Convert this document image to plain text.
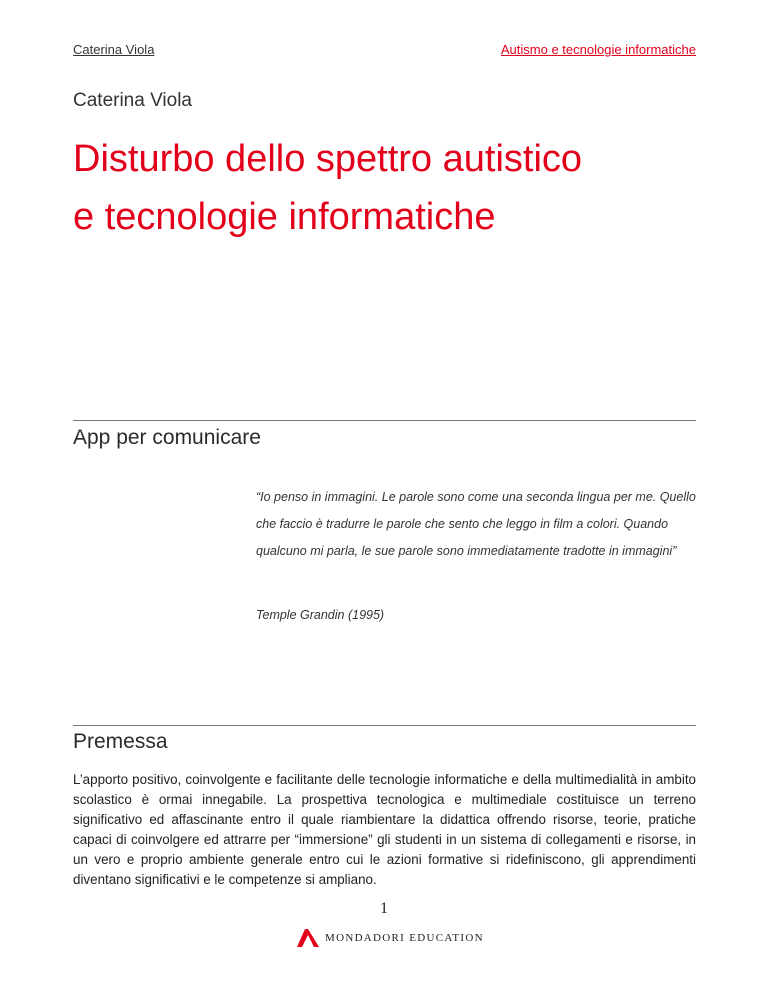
Caterina Viola	Autismo e tecnologie informatiche
Caterina Viola
Disturbo dello spettro autistico
e tecnologie informatiche
App per comunicare

“Io penso in immagini. Le parole sono come una seconda lingua per me. Quello che faccio è tradurre le parole che sento che leggo in film a colori. Quando qualcuno mi parla, le sue parole sono immediatamente tradotte in immagini”

Temple Grandin (1995)
Premessa

L’apporto positivo, coinvolgente e facilitante delle tecnologie informatiche e della multimedialità in ambito scolastico è ormai innegabile. La prospettiva tecnologica e multimediale costituisce un terreno significativo ed affascinante entro il quale riambientare la didattica offrendo risorse, teorie, pratiche capaci di coinvolgere ed attrarre per “immersione” gli studenti in un sistema di collegamenti e risorse, in un vero e proprio ambiente generale entro cui le azioni formative si ridefiniscono, gli apprendimenti diventano significativi e le competenze si ampliano.

1
MONDADORI EDUCATION
